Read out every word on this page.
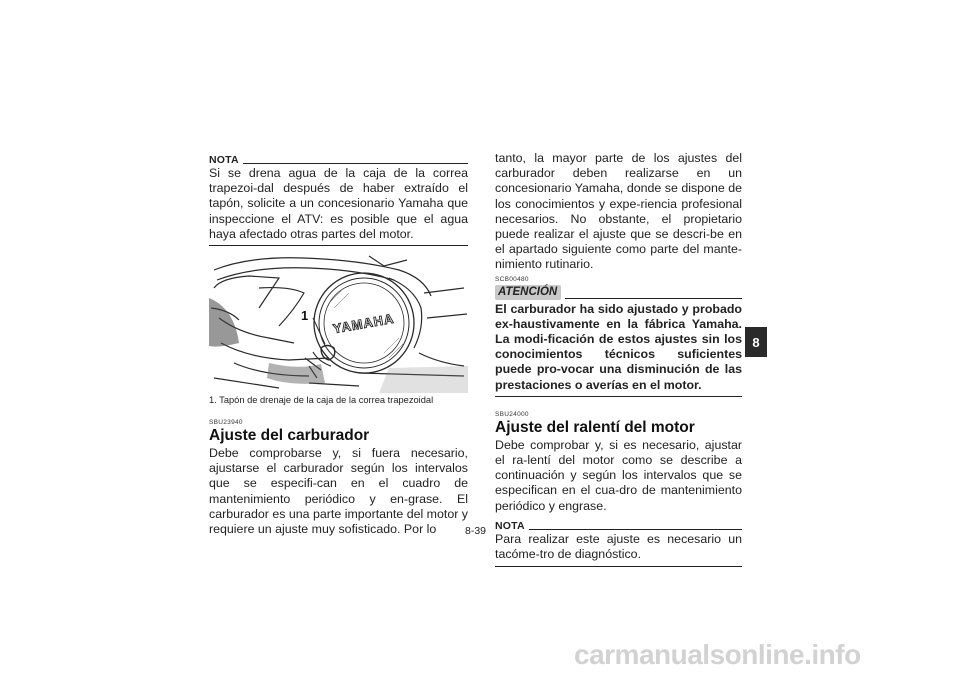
NOTA

Si se drena agua de la caja de la correa trapezoi-dal después de haber extraído el tapón, solicite a un concesionario Yamaha que inspeccione el ATV: es posible que el agua haya afectado otras partes del motor.

YAMAHA
1
1. Tapón de drenaje de la caja de la correa trapezoidal
SBU23940
Ajuste del carburador

Debe comprobarse y, si fuera necesario, ajustarse el carburador según los intervalos que se especifi-can en el cuadro de mantenimiento periódico y en-grase. El carburador es una parte importante del motor y requiere un ajuste muy sofisticado. Por lo

tanto, la mayor parte de los ajustes del carburador deben realizarse en un concesionario Yamaha, donde se dispone de los conocimientos y expe-riencia profesional necesarios. No obstante, el propietario puede realizar el ajuste que se descri-be en el apartado siguiente como parte del mante-nimiento rutinario.

SCB00480
ATENCIÓN

El carburador ha sido ajustado y probado ex-haustivamente en la fábrica Yamaha. La modi-ficación de estos ajustes sin los conocimientos técnicos suficientes puede pro-vocar una disminución de las prestaciones o averías en el motor.

SBU24000
Ajuste del ralentí del motor

Debe comprobar y, si es necesario, ajustar el ra-lentí del motor como se describe a continuación y según los intervalos que se especifican en el cua-dro de mantenimiento periódico y engrase.

NOTA

Para realizar este ajuste es necesario un tacóme-tro de diagnóstico.

8
8-39
carmanualsonline.info
